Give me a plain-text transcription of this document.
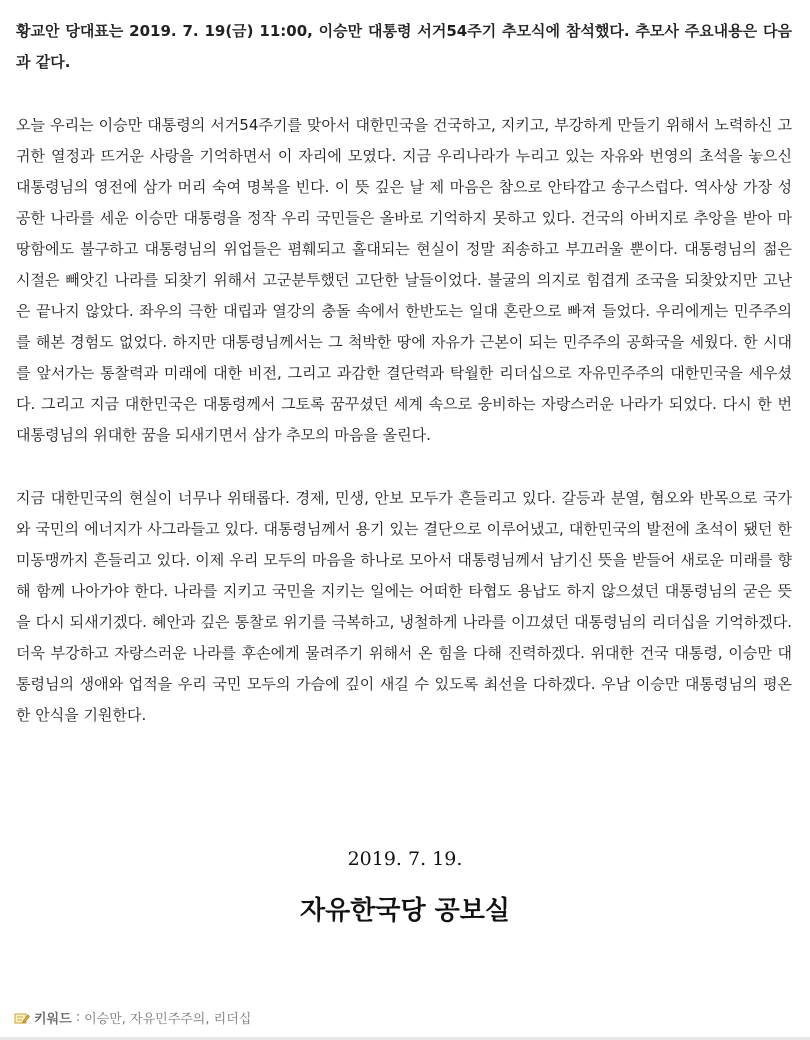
황교안 당대표는 2019. 7. 19(금) 11:00, 이승만 대통령 서거54주기 추모식에 참석했다. 추모사 주요내용은 다음과 같다.

오늘 우리는 이승만 대통령의 서거54주기를 맞아서 대한민국을 건국하고, 지키고, 부강하게 만들기 위해서 노력하신 고귀한 열정과 뜨거운 사랑을 기억하면서 이 자리에 모였다. 지금 우리나라가 누리고 있는 자유와 번영의 초석을 놓으신 대통령님의 영전에 삼가 머리 숙여 명복을 빈다. 이 뜻 깊은 날 제 마음은 참으로 안타깝고 송구스럽다. 역사상 가장 성공한 나라를 세운 이승만 대통령을 정작 우리 국민들은 올바로 기억하지 못하고 있다. 건국의 아버지로 추앙을 받아 마땅함에도 불구하고 대통령님의 위업들은 폄훼되고 홀대되는 현실이 정말 죄송하고 부끄러울 뿐이다. 대통령님의 젊은 시절은 빼앗긴 나라를 되찾기 위해서 고군분투했던 고단한 날들이었다. 불굴의 의지로 힘겹게 조국을 되찾았지만 고난은 끝나지 않았다. 좌우의 극한 대립과 열강의 충돌 속에서 한반도는 일대 혼란으로 빠져 들었다. 우리에게는 민주주의를 해본 경험도 없었다. 하지만 대통령님께서는 그 척박한 땅에 자유가 근본이 되는 민주주의 공화국을 세웠다. 한 시대를 앞서가는 통찰력과 미래에 대한 비전, 그리고 과감한 결단력과 탁월한 리더십으로 자유민주주의 대한민국을 세우셨다. 그리고 지금 대한민국은 대통령께서 그토록 꿈꾸셨던 세계 속으로 웅비하는 자랑스러운 나라가 되었다. 다시 한 번 대통령님의 위대한 꿈을 되새기면서 삼가 추모의 마음을 올린다.

지금 대한민국의 현실이 너무나 위태롭다. 경제, 민생, 안보 모두가 흔들리고 있다. 갈등과 분열, 혐오와 반목으로 국가와 국민의 에너지가 사그라들고 있다. 대통령님께서 용기 있는 결단으로 이루어냈고, 대한민국의 발전에 초석이 됐던 한미동맹까지 흔들리고 있다. 이제 우리 모두의 마음을 하나로 모아서 대통령님께서 남기신 뜻을 받들어 새로운 미래를 향해 함께 나아가야 한다. 나라를 지키고 국민을 지키는 일에는 어떠한 타협도 용납도 하지 않으셨던 대통령님의 굳은 뜻을 다시 되새기겠다. 혜안과 깊은 통찰로 위기를 극복하고, 냉철하게 나라를 이끄셨던 대통령님의 리더십을 기억하겠다. 더욱 부강하고 자랑스러운 나라를 후손에게 물려주기 위해서 온 힘을 다해 진력하겠다. 위대한 건국 대통령, 이승만 대통령님의 생애와 업적을 우리 국민 모두의 가슴에 깊이 새길 수 있도록 최선을 다하겠다. 우남 이승만 대통령님의 평온한 안식을 기원한다.

2019. 7. 19.
자유한국당 공보실
키워드 : 이승만, 자유민주주의, 리더십
